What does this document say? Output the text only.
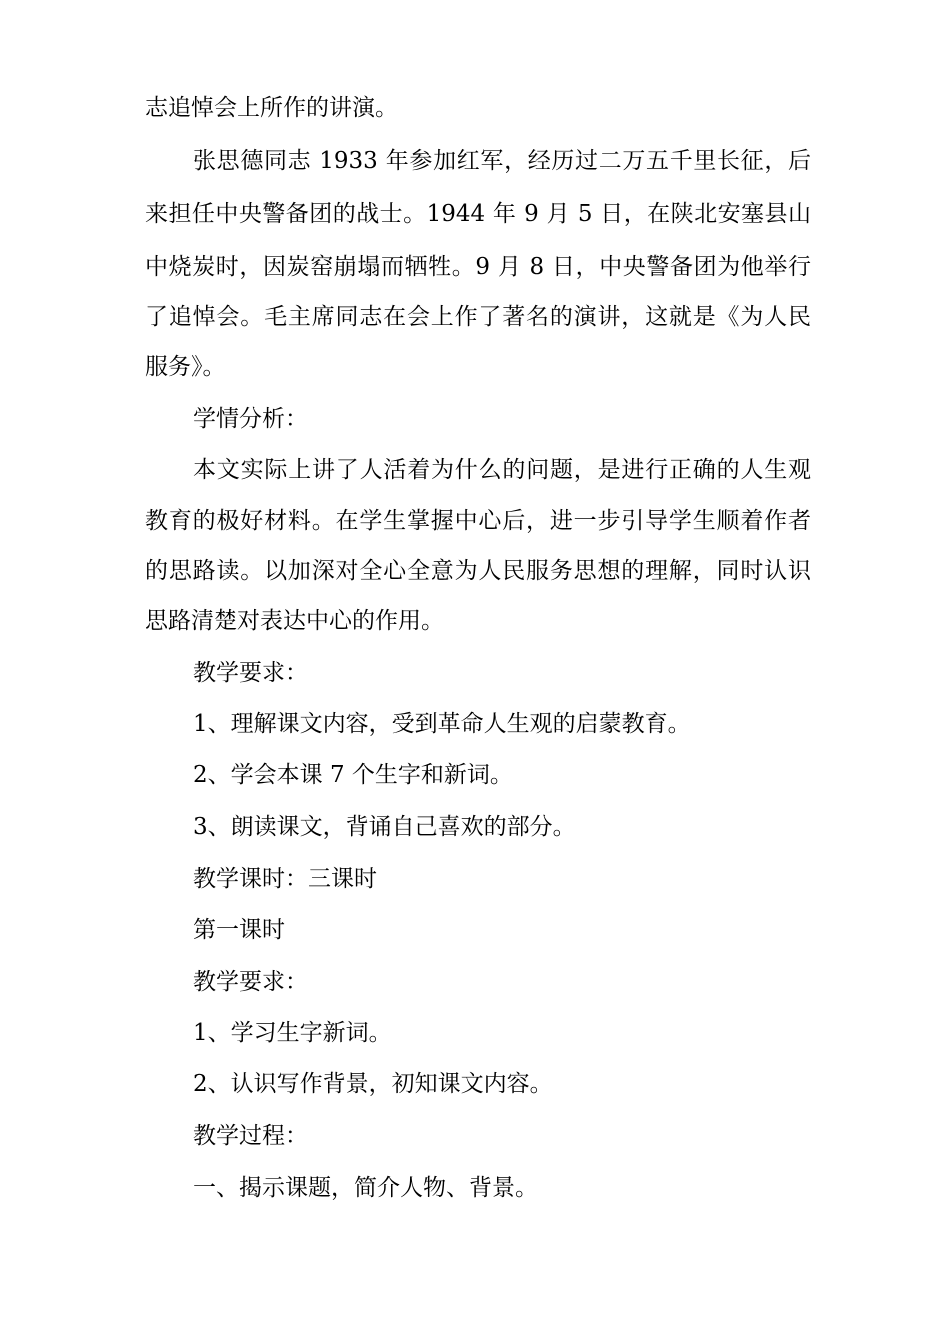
志追悼会上所作的讲演。
张思德同志 1933 年参加红军，经历过二万五千里长征，后
来担任中央警备团的战士。1944 年 9 月 5 日，在陕北安塞县山
中烧炭时，因炭窑崩塌而牺牲。9 月 8 日，中央警备团为他举行
了追悼会。毛主席同志在会上作了著名的演讲，这就是《为人民
服务》。
学情分析：
本文实际上讲了人活着为什么的问题，是进行正确的人生观
教育的极好材料。在学生掌握中心后，进一步引导学生顺着作者
的思路读。以加深对全心全意为人民服务思想的理解，同时认识
思路清楚对表达中心的作用。
教学要求：
1、理解课文内容，受到革命人生观的启蒙教育。
2、学会本课 7 个生字和新词。
3、朗读课文，背诵自己喜欢的部分。
教学课时：三课时
第一课时
教学要求：
1、学习生字新词。
2、认识写作背景，初知课文内容。
教学过程：
一、揭示课题，简介人物、背景。
